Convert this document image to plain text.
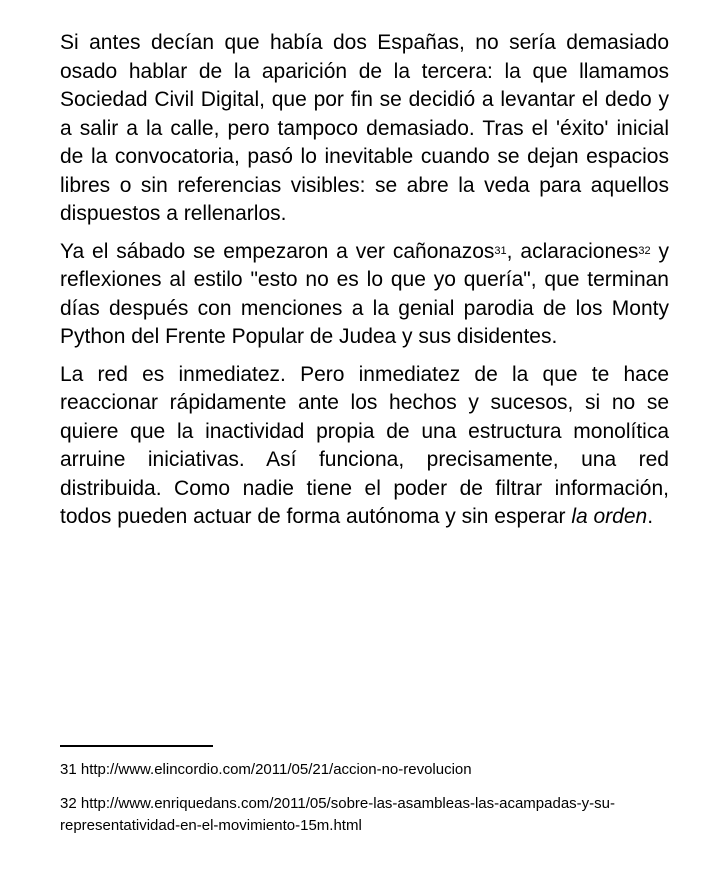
Si antes decían que había dos Españas, no sería demasiado osado hablar de la aparición de la tercera: la que llamamos Sociedad Civil Digital, que por fin se decidió a levantar el dedo y a salir a la calle, pero tampoco demasiado. Tras el 'éxito' inicial de la convocatoria, pasó lo inevitable cuando se dejan espacios libres o sin referencias visibles: se abre la veda para aquellos dispuestos a rellenarlos.

Ya el sábado se empezaron a ver cañonazos$^{31}$, aclaraciones$^{32}$ y reflexiones al estilo "esto no es lo que yo quería", que terminan días después con menciones a la genial parodia de los Monty Python del Frente Popular de Judea y sus disidentes.

La red es inmediatez. Pero inmediatez de la que te hace reaccionar rápidamente ante los hechos y sucesos, si no se quiere que la inactividad propia de una estructura monolítica arruine iniciativas. Así funciona, precisamente, una red distribuida. Como nadie tiene el poder de filtrar información, todos pueden actuar de forma autónoma y sin esperar la orden.

31 http://www.elincordio.com/2011/05/21/accion-no-revolucion
32 http://www.enriquedans.com/2011/05/sobre-las-asambleas-las-acampadas-y-su-representatividad-en-el-movimiento-15m.html
